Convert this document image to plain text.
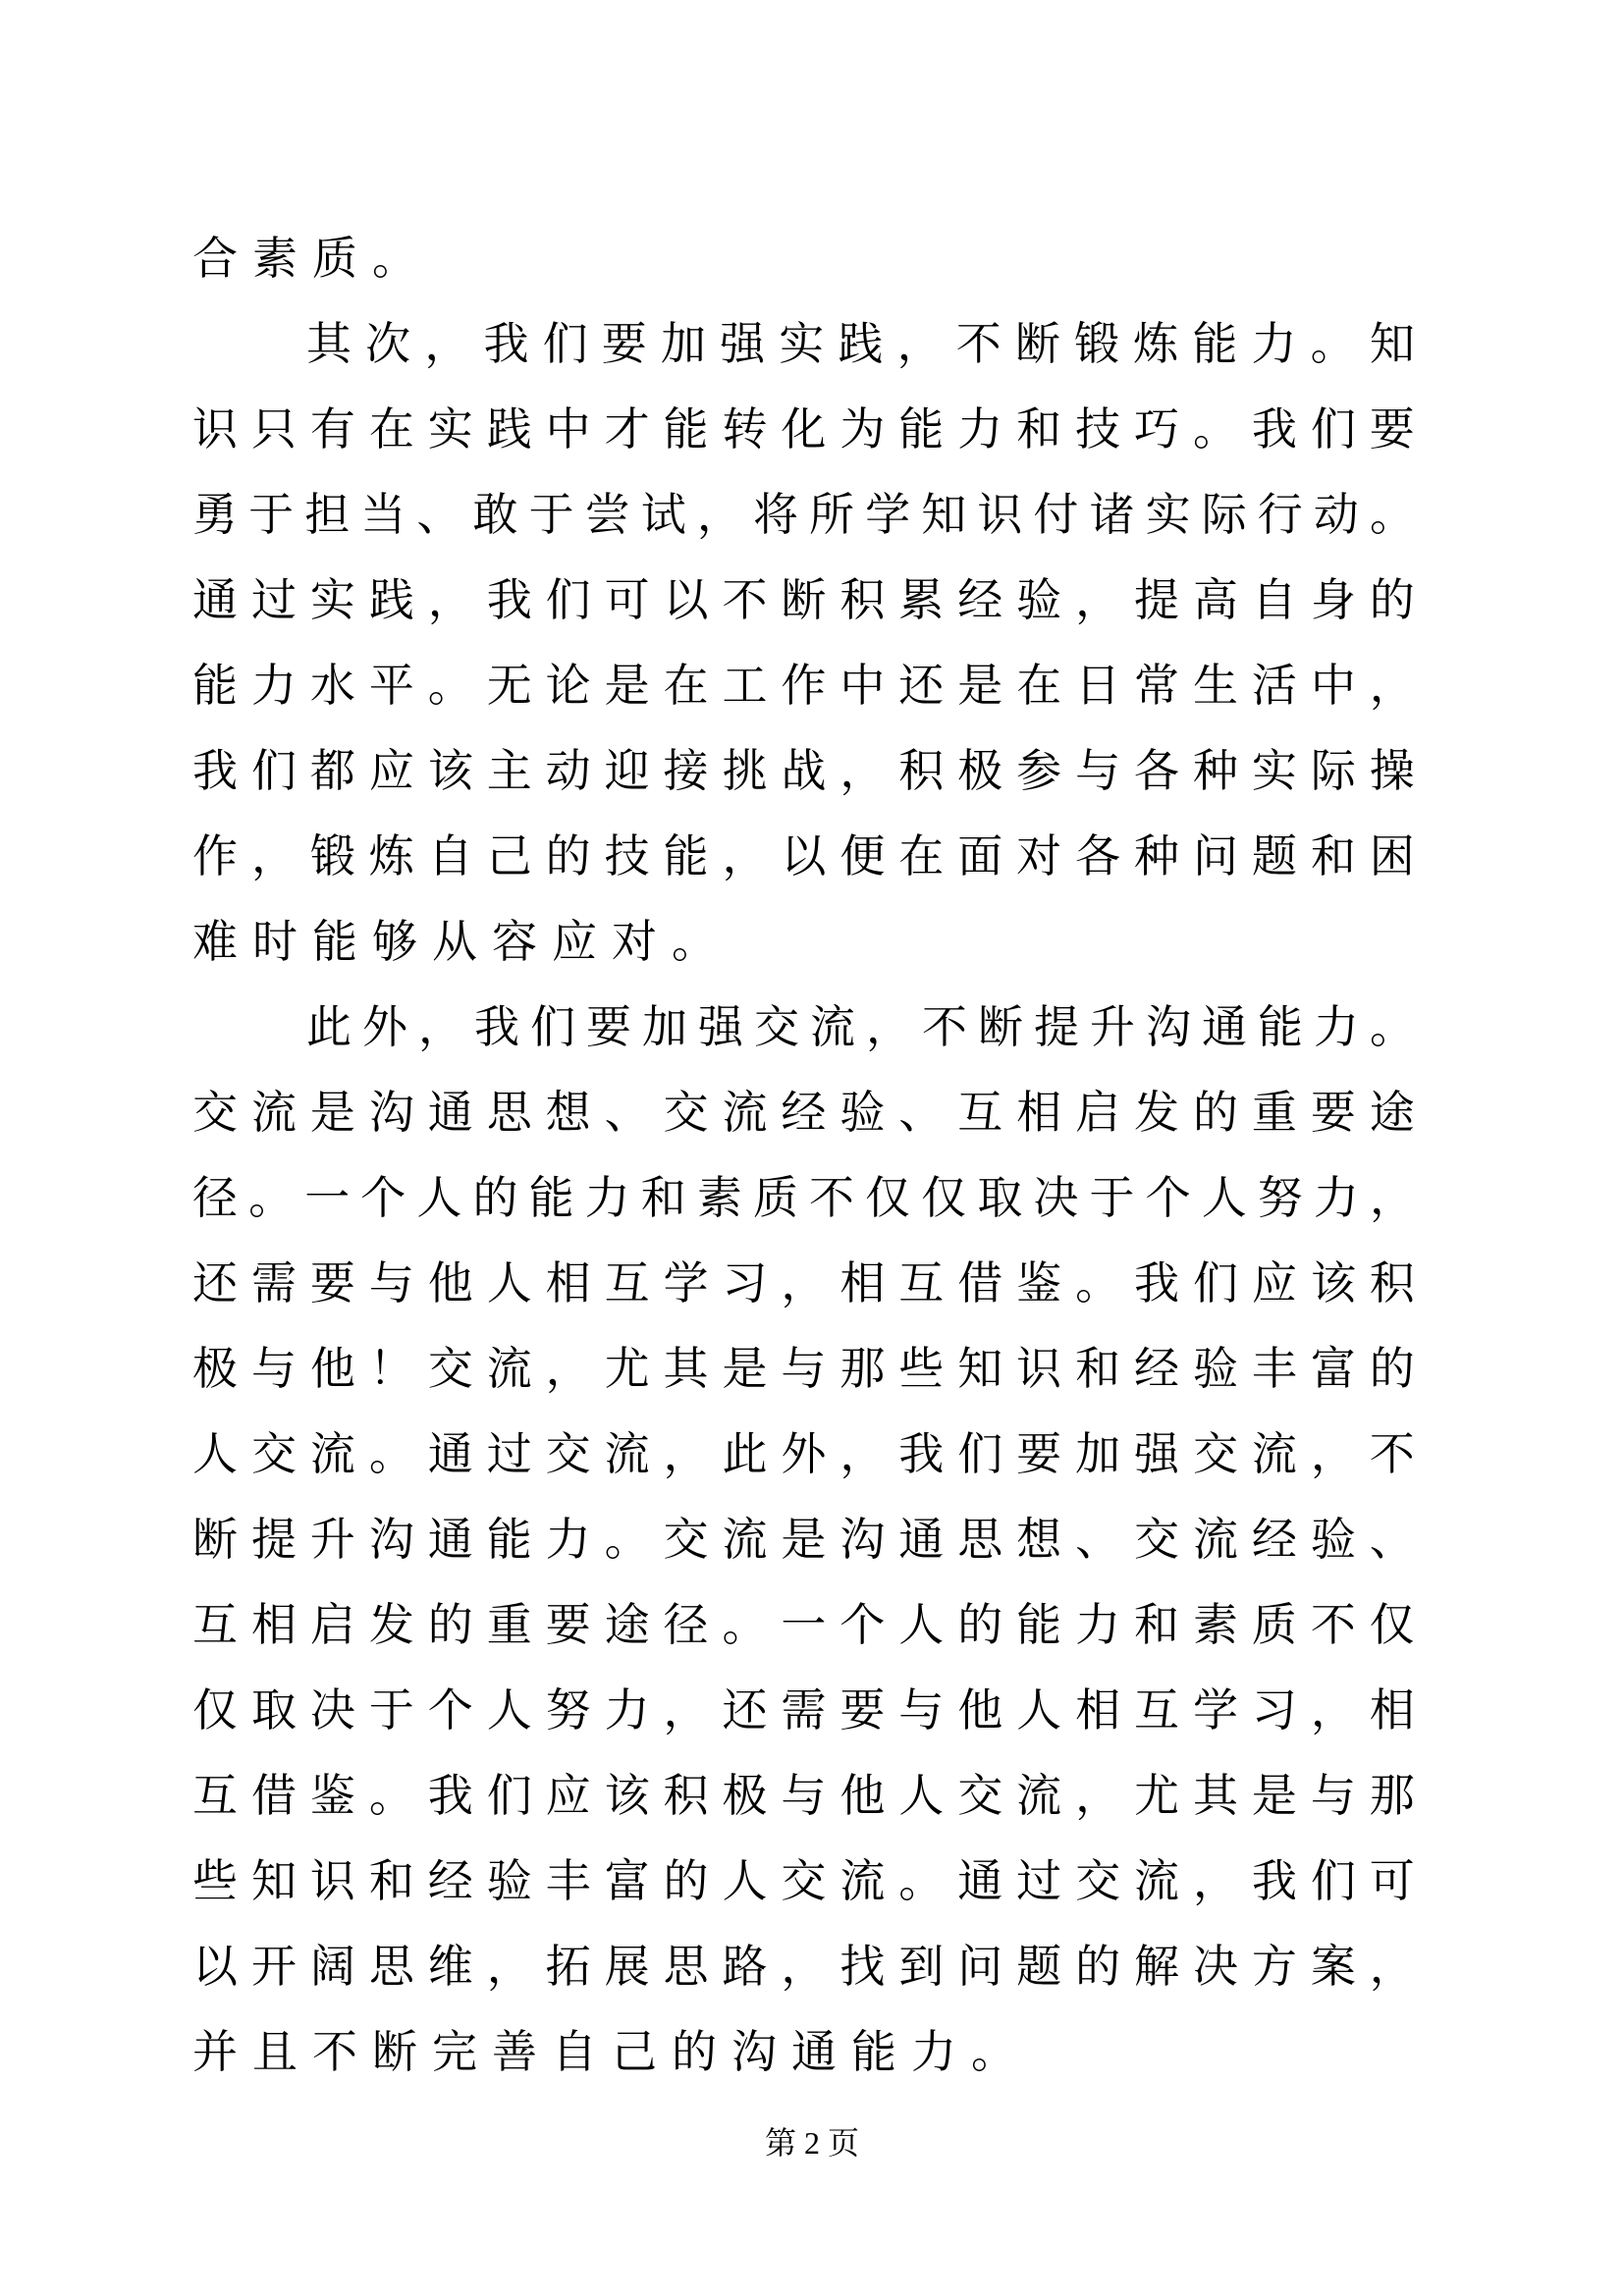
合 素 质 。
其 次 ， 我 们 要 加 强 实 践 ， 不 断 锻 炼 能 力 。 知
识 只 有 在 实 践 中 才 能 转 化 为 能 力 和 技 巧 。 我 们 要
勇 于 担 当 、 敢 于 尝 试 ， 将 所 学 知 识 付 诸 实 际 行 动 。
通 过 实 践 ， 我 们 可 以 不 断 积 累 经 验 ， 提 高 自 身 的
能 力 水 平 。 无 论 是 在 工 作 中 还 是 在 日 常 生 活 中 ，
我 们 都 应 该 主 动 迎 接 挑 战 ， 积 极 参 与 各 种 实 际 操
作 ， 锻 炼 自 己 的 技 能 ， 以 便 在 面 对 各 种 问 题 和 困
难 时 能 够 从 容 应 对 。
此 外 ， 我 们 要 加 强 交 流 ， 不 断 提 升 沟 通 能 力 。
交 流 是 沟 通 思 想 、 交 流 经 验 、 互 相 启 发 的 重 要 途
径 。 一 个 人 的 能 力 和 素 质 不 仅 仅 取 决 于 个 人 努 力 ，
还 需 要 与 他 人 相 互 学 习 ， 相 互 借 鉴 。 我 们 应 该 积
极 与 他 ！ 交 流 ， 尤 其 是 与 那 些 知 识 和 经 验 丰 富 的
人 交 流 。 通 过 交 流 ， 此 外 ， 我 们 要 加 强 交 流 ， 不
断 提 升 沟 通 能 力 。 交 流 是 沟 通 思 想 、 交 流 经 验 、
互 相 启 发 的 重 要 途 径 。 一 个 人 的 能 力 和 素 质 不 仅
仅 取 决 于 个 人 努 力 ， 还 需 要 与 他 人 相 互 学 习 ， 相
互 借 鉴 。 我 们 应 该 积 极 与 他 人 交 流 ， 尤 其 是 与 那
些 知 识 和 经 验 丰 富 的 人 交 流 。 通 过 交 流 ， 我 们 可
以 开 阔 思 维 ， 拓 展 思 路 ， 找 到 问 题 的 解 决 方 案 ，
并 且 不 断 完 善 自 己 的 沟 通 能 力 。
第 2 页
